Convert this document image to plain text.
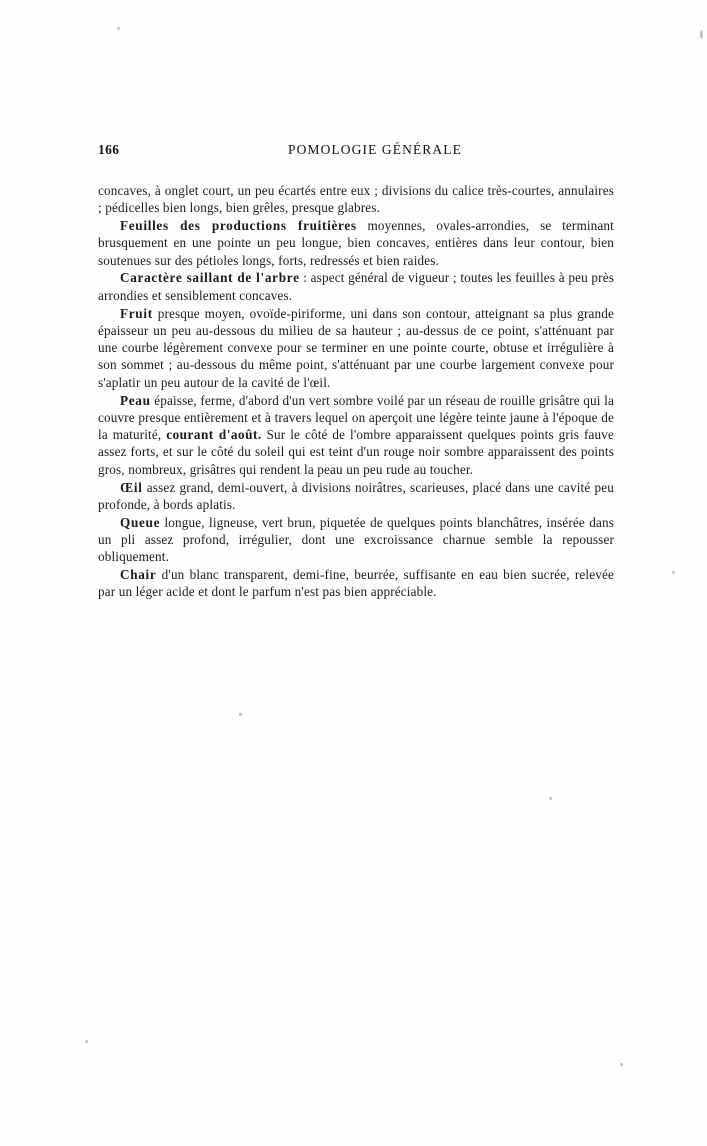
166	POMOLOGIE GÉNÉRALE

concaves, à onglet court, un peu écartés entre eux ; divisions du calice très-courtes, annulaires ; pédicelles bien longs, bien grêles, presque glabres.

Feuilles des productions fruitières moyennes, ovales-arrondies, se terminant brusquement en une pointe un peu longue, bien concaves, entières dans leur contour, bien soutenues sur des pétioles longs, forts, redressés et bien raides.

Caractère saillant de l'arbre : aspect général de vigueur ; toutes les feuilles à peu près arrondies et sensiblement concaves.

Fruit presque moyen, ovoïde-piriforme, uni dans son contour, atteignant sa plus grande épaisseur un peu au-dessous du milieu de sa hauteur ; au-dessus de ce point, s'atténuant par une courbe légèrement convexe pour se terminer en une pointe courte, obtuse et irrégulière à son sommet ; au-dessous du même point, s'atténuant par une courbe largement convexe pour s'aplatir un peu autour de la cavité de l'œil.

Peau épaisse, ferme, d'abord d'un vert sombre voilé par un réseau de rouille grisâtre qui la couvre presque entièrement et à travers lequel on aperçoit une légère teinte jaune à l'époque de la maturité, courant d'août. Sur le côté de l'ombre apparaissent quelques points gris fauve assez forts, et sur le côté du soleil qui est teint d'un rouge noir sombre apparaissent des points gros, nombreux, grisâtres qui rendent la peau un peu rude au toucher.

Œil assez grand, demi-ouvert, à divisions noirâtres, scarieuses, placé dans une cavité peu profonde, à bords aplatis.

Queue longue, ligneuse, vert brun, piquetée de quelques points blanchâtres, insérée dans un pli assez profond, irrégulier, dont une excroissance charnue semble la repousser obliquement.

Chair d'un blanc transparent, demi-fine, beurrée, suffisante en eau bien sucrée, relevée par un léger acide et dont le parfum n'est pas bien appréciable.
